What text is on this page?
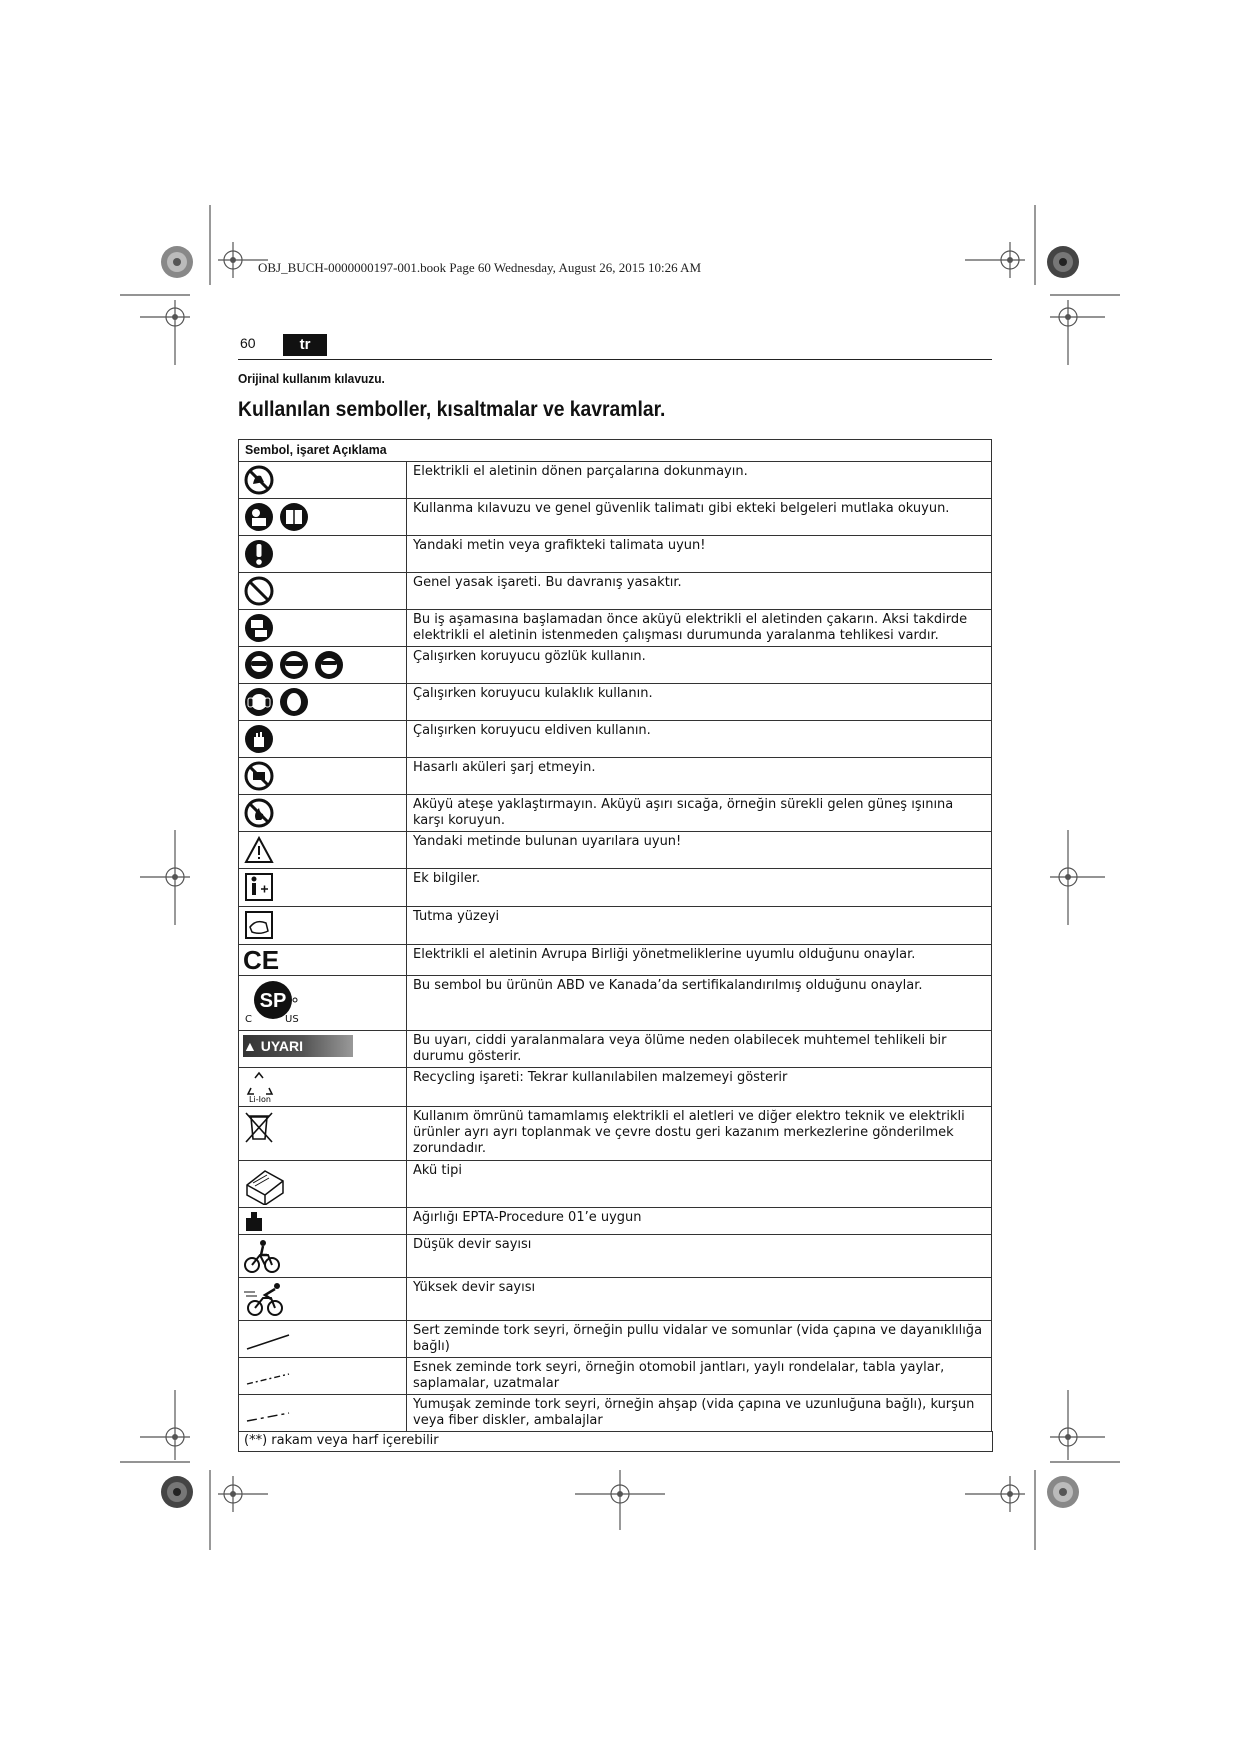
OBJ_BUCH-0000000197-001.book Page 60 Wednesday, August 26, 2015 10:26 AM
60	tr
Orijinal kullanım kılavuzu.
Kullanılan semboller, kısaltmalar ve kavramlar.
Sembol, işaret Açıklama	
	Elektrikli el aletinin dönen parçalarına dokunmayın.
	Kullanma kılavuzu ve genel güvenlik talimatı gibi ekteki belgeleri mutlaka okuyun.
	Yandaki metin veya grafikteki talimata uyun!
	Genel yasak işareti. Bu davranış yasaktır.
	Bu iş aşamasına başlamadan önce aküyü elektrikli el aletinden çakarın. Aksi takdirde elektrikli el aletinin istenmeden çalışması durumunda yaralanma tehlikesi vardır.
	Çalışırken koruyucu gözlük kullanın.
	Çalışırken koruyucu kulaklık kullanın.
	Çalışırken koruyucu eldiven kullanın.
	Hasarlı aküleri şarj etmeyin.
	Aküyü ateşe yaklaştırmayın. Aküyü aşırı sıcağa, örneğin sürekli gelen güneş ışınına karşı koruyun.
	Yandaki metinde bulunan uyarılara uyun!
	Ek bilgiler.
	Tutma yüzeyi
CE	Elektrikli el aletinin Avrupa Birliği yönetmeliklerine uyumlu olduğunu onaylar.

SP
C US	Bu sembol bu ürünün ABD ve Kanada’da sertifikalandırılmış olduğunu onaylar.
▲ UYARI	Bu uyarı, ciddi yaralanmalara veya ölüme neden olabilecek muhtemel tehlikeli bir durumu gösterir.

Li-Ion	Recycling işareti: Tekrar kullanılabilen malzemeyi gösterir
	Kullanım ömrünü tamamlamış elektrikli el aletleri ve diğer elektro teknik ve elektrikli ürünler ayrı ayrı toplanmak ve çevre dostu geri kazanım merkezlerine gönderilmek zorundadır.
	Akü tipi
	Ağırlığı EPTA-Procedure 01’e uygun
	Düşük devir sayısı
	Yüksek devir sayısı
	Sert zeminde tork seyri, örneğin pullu vidalar ve somunlar (vida çapına ve dayanıklılığa bağlı)
	Esnek zeminde tork seyri, örneğin otomobil jantları, yaylı rondelalar, tabla yaylar, saplamalar, uzatmalar
	Yumuşak zeminde tork seyri, örneğin ahşap (vida çapına ve uzunluğuna bağlı), kurşun veya fiber diskler, ambalajlar
(**) rakam veya harf içerebilir
